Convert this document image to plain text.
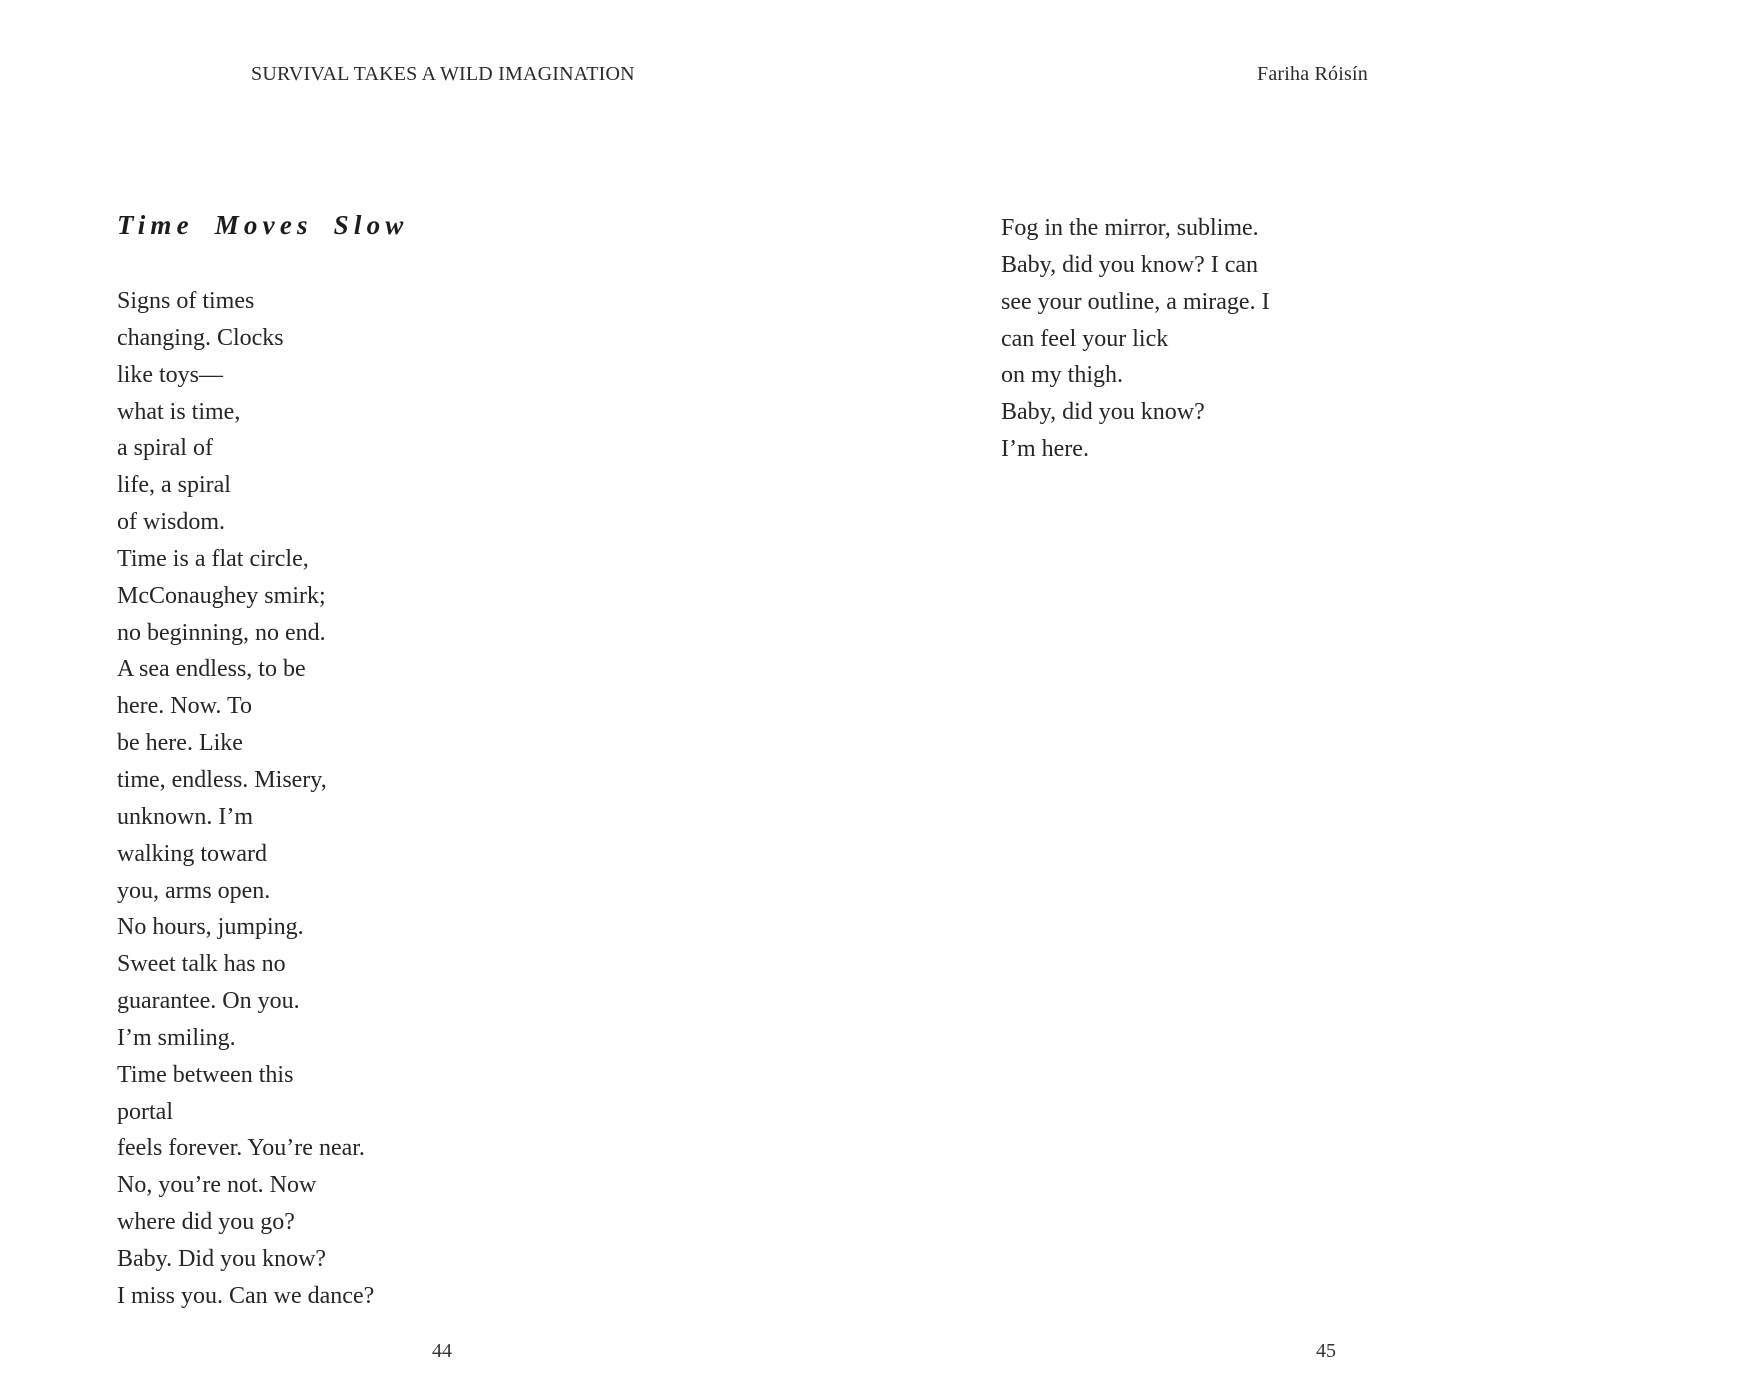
SURVIVAL TAKES A WILD IMAGINATION
Time Moves Slow
Signs of times
changing. Clocks
like toys—
what is time,
a spiral of
life, a spiral
of wisdom.
Time is a flat circle,
McConaughey smirk;
no beginning, no end.
A sea endless, to be
here. Now. To
be here. Like
time, endless. Misery,
unknown. I’m
walking toward
you, arms open.
No hours, jumping.
Sweet talk has no
guarantee. On you.
I’m smiling.
Time between this
portal
feels forever. You’re near.
No, you’re not. Now
where did you go?
Baby. Did you know?
I miss you. Can we dance?
44
Fariha Róisín
Fog in the mirror, sublime.
Baby, did you know? I can
see your outline, a mirage. I
can feel your lick
on my thigh.
Baby, did you know?
I’m here.
45
